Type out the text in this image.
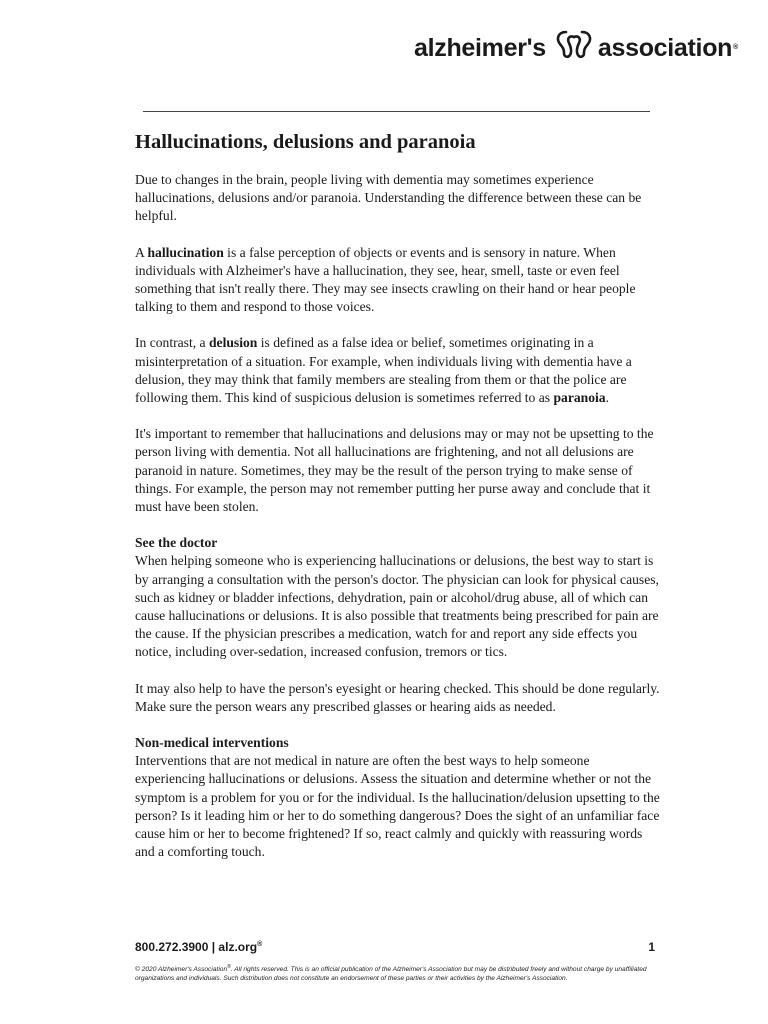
alzheimer's association ®
Hallucinations, delusions and paranoia

Due to changes in the brain, people living with dementia may sometimes experience hallucinations, delusions and/or paranoia. Understanding the difference between these can be helpful.

A hallucination is a false perception of objects or events and is sensory in nature. When individuals with Alzheimer's have a hallucination, they see, hear, smell, taste or even feel something that isn't really there. They may see insects crawling on their hand or hear people talking to them and respond to those voices.

In contrast, a delusion is defined as a false idea or belief, sometimes originating in a misinterpretation of a situation. For example, when individuals living with dementia have a delusion, they may think that family members are stealing from them or that the police are following them. This kind of suspicious delusion is sometimes referred to as paranoia.

It's important to remember that hallucinations and delusions may or may not be upsetting to the person living with dementia. Not all hallucinations are frightening, and not all delusions are paranoid in nature. Sometimes, they may be the result of the person trying to make sense of things. For example, the person may not remember putting her purse away and conclude that it must have been stolen.

See the doctor
When helping someone who is experiencing hallucinations or delusions, the best way to start is by arranging a consultation with the person's doctor. The physician can look for physical causes, such as kidney or bladder infections, dehydration, pain or alcohol/drug abuse, all of which can cause hallucinations or delusions. It is also possible that treatments being prescribed for pain are the cause. If the physician prescribes a medication, watch for and report any side effects you notice, including over-sedation, increased confusion, tremors or tics.

It may also help to have the person's eyesight or hearing checked. This should be done regularly. Make sure the person wears any prescribed glasses or hearing aids as needed.

Non-medical interventions
Interventions that are not medical in nature are often the best ways to help someone experiencing hallucinations or delusions. Assess the situation and determine whether or not the symptom is a problem for you or for the individual. Is the hallucination/delusion upsetting to the person? Is it leading him or her to do something dangerous? Does the sight of an unfamiliar face cause him or her to become frightened? If so, react calmly and quickly with reassuring words and a comforting touch.

800.272.3900 | alz.org®	1
© 2020 Alzheimer's Association®. All rights reserved. This is an official publication of the Alzheimer's Association but may be distributed freely and without charge by unaffiliated organizations and individuals. Such distribution does not constitute an endorsement of these parties or their activities by the Alzheimer's Association.
